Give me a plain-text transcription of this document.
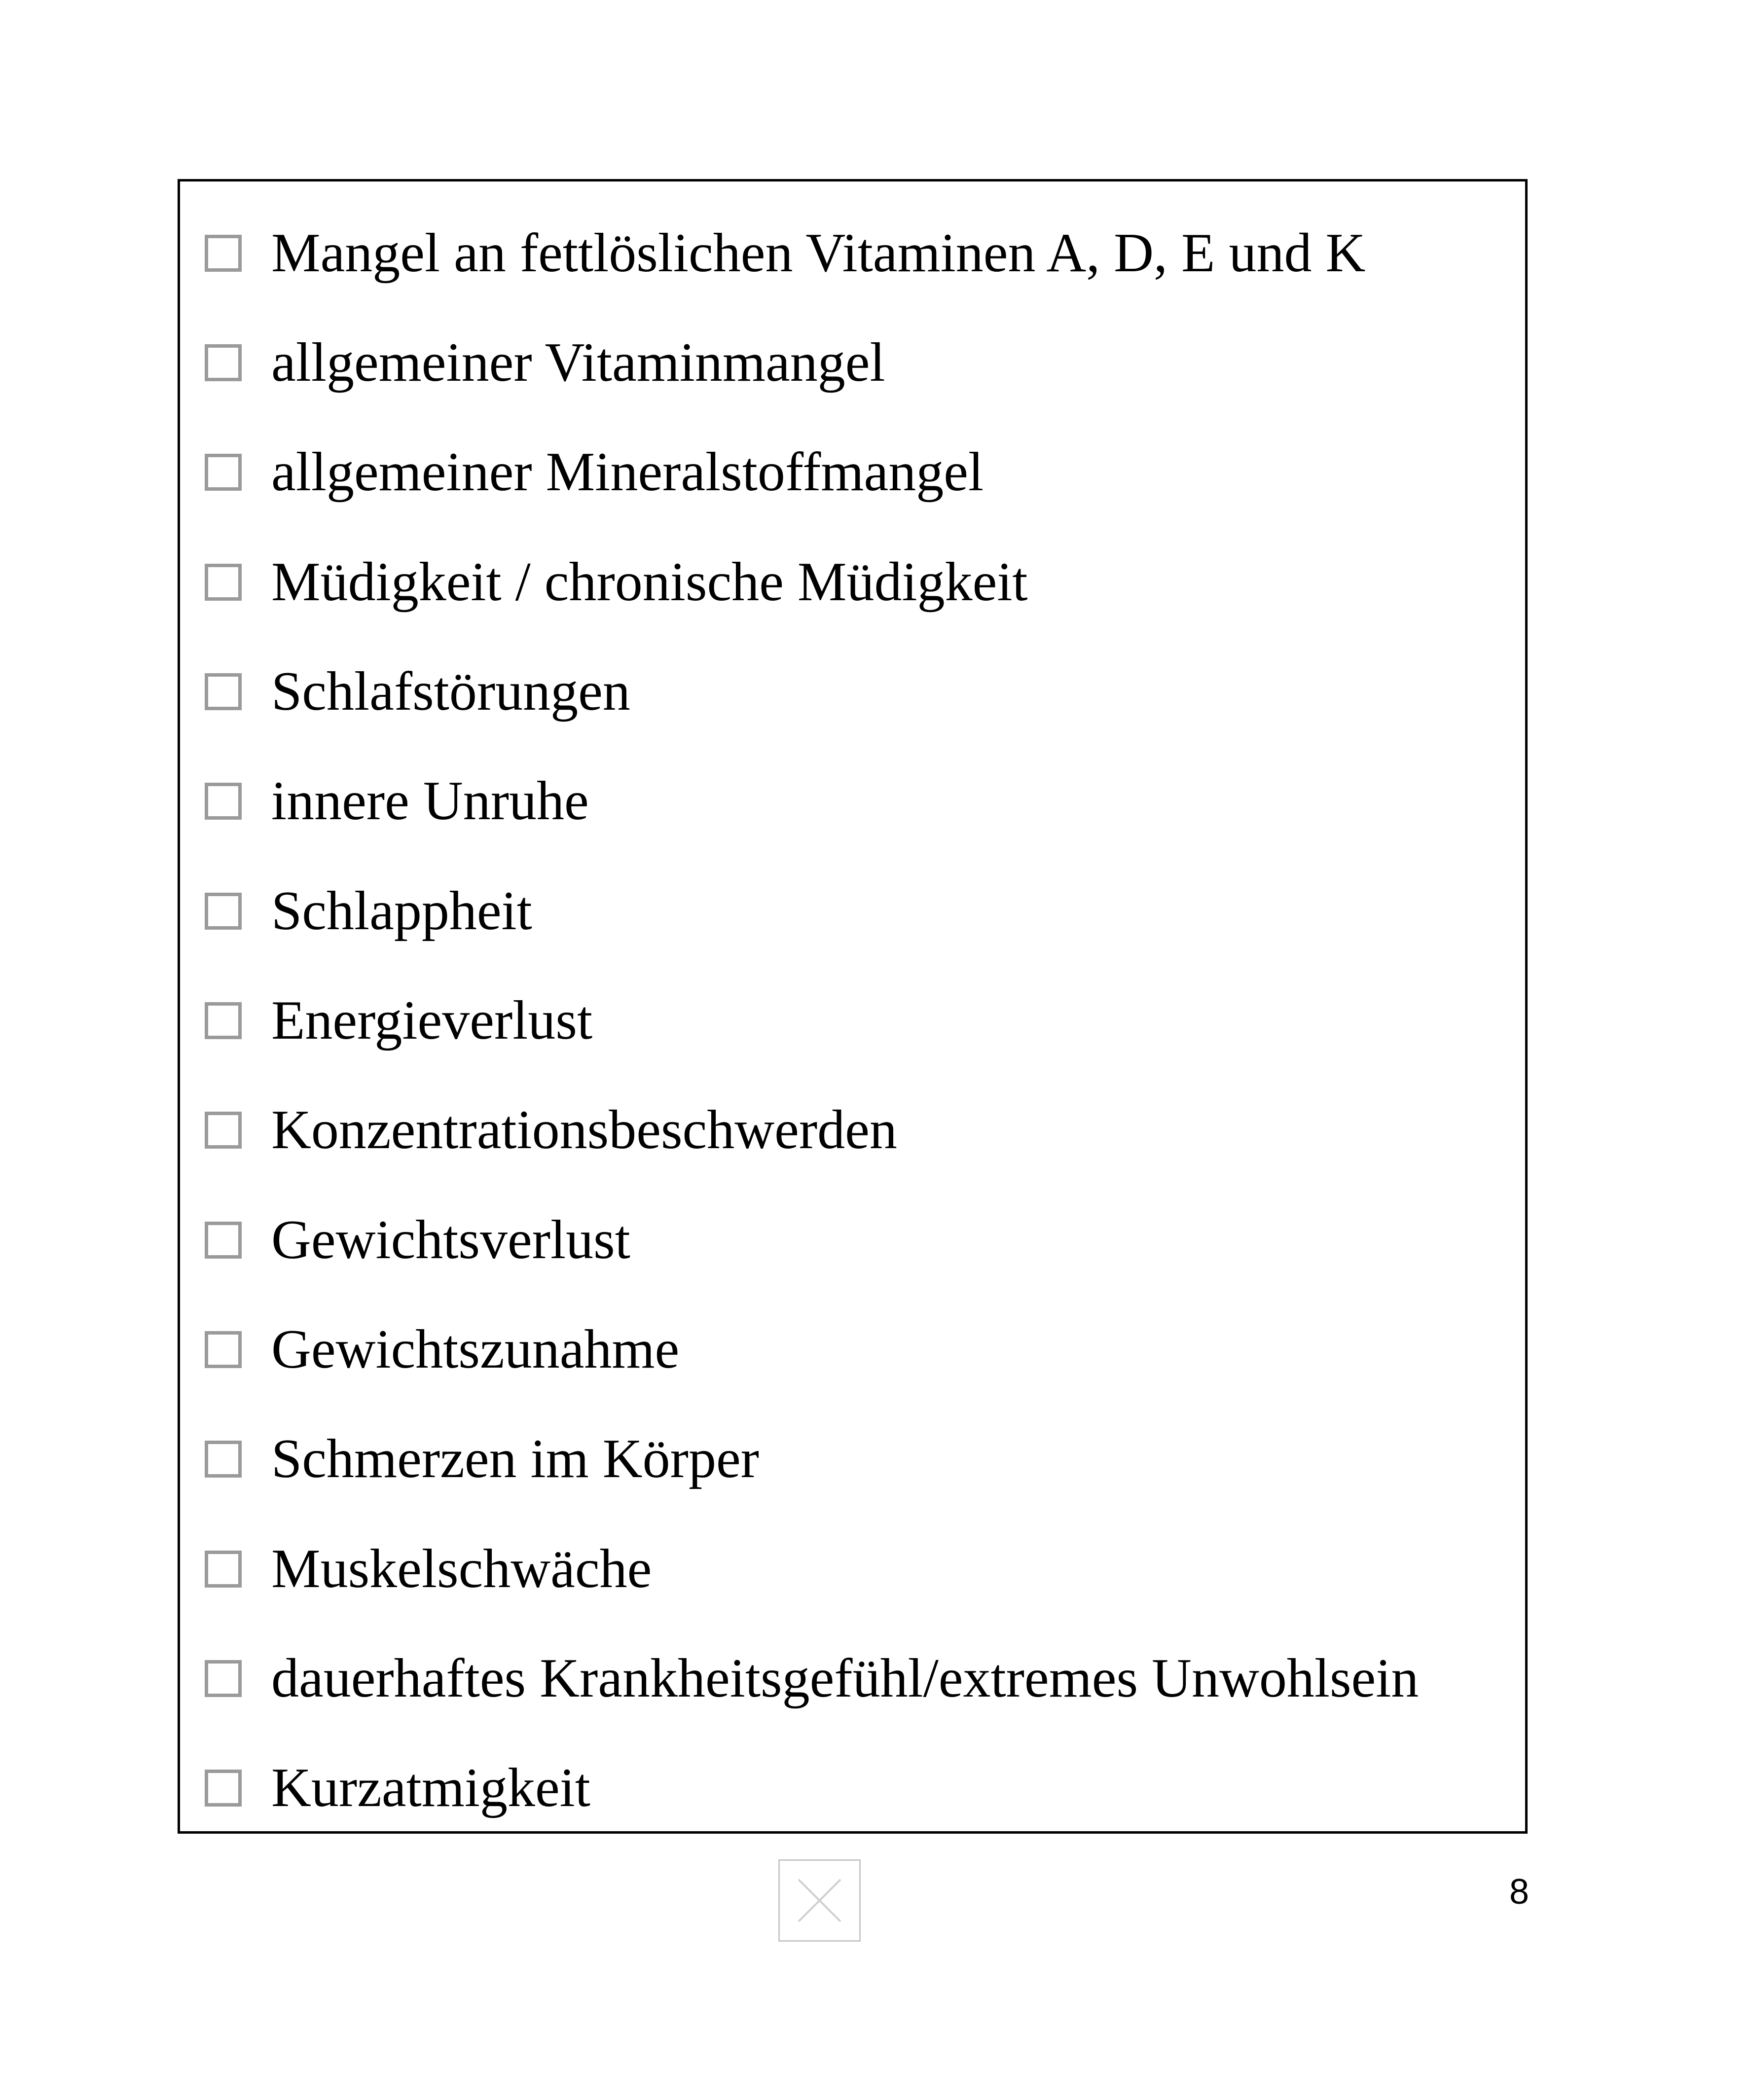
Mangel an fettlöslichen Vitaminen A, D, E und K
allgemeiner Vitaminmangel
allgemeiner Mineralstoffmangel
Müdigkeit / chronische Müdigkeit
Schlafstörungen
innere Unruhe
Schlappheit
Energieverlust
Konzentrationsbeschwerden
Gewichtsverlust
Gewichtszunahme
Schmerzen im Körper
Muskelschwäche
dauerhaftes Krankheitsgefühl/extremes Unwohlsein
Kurzatmigkeit
8
